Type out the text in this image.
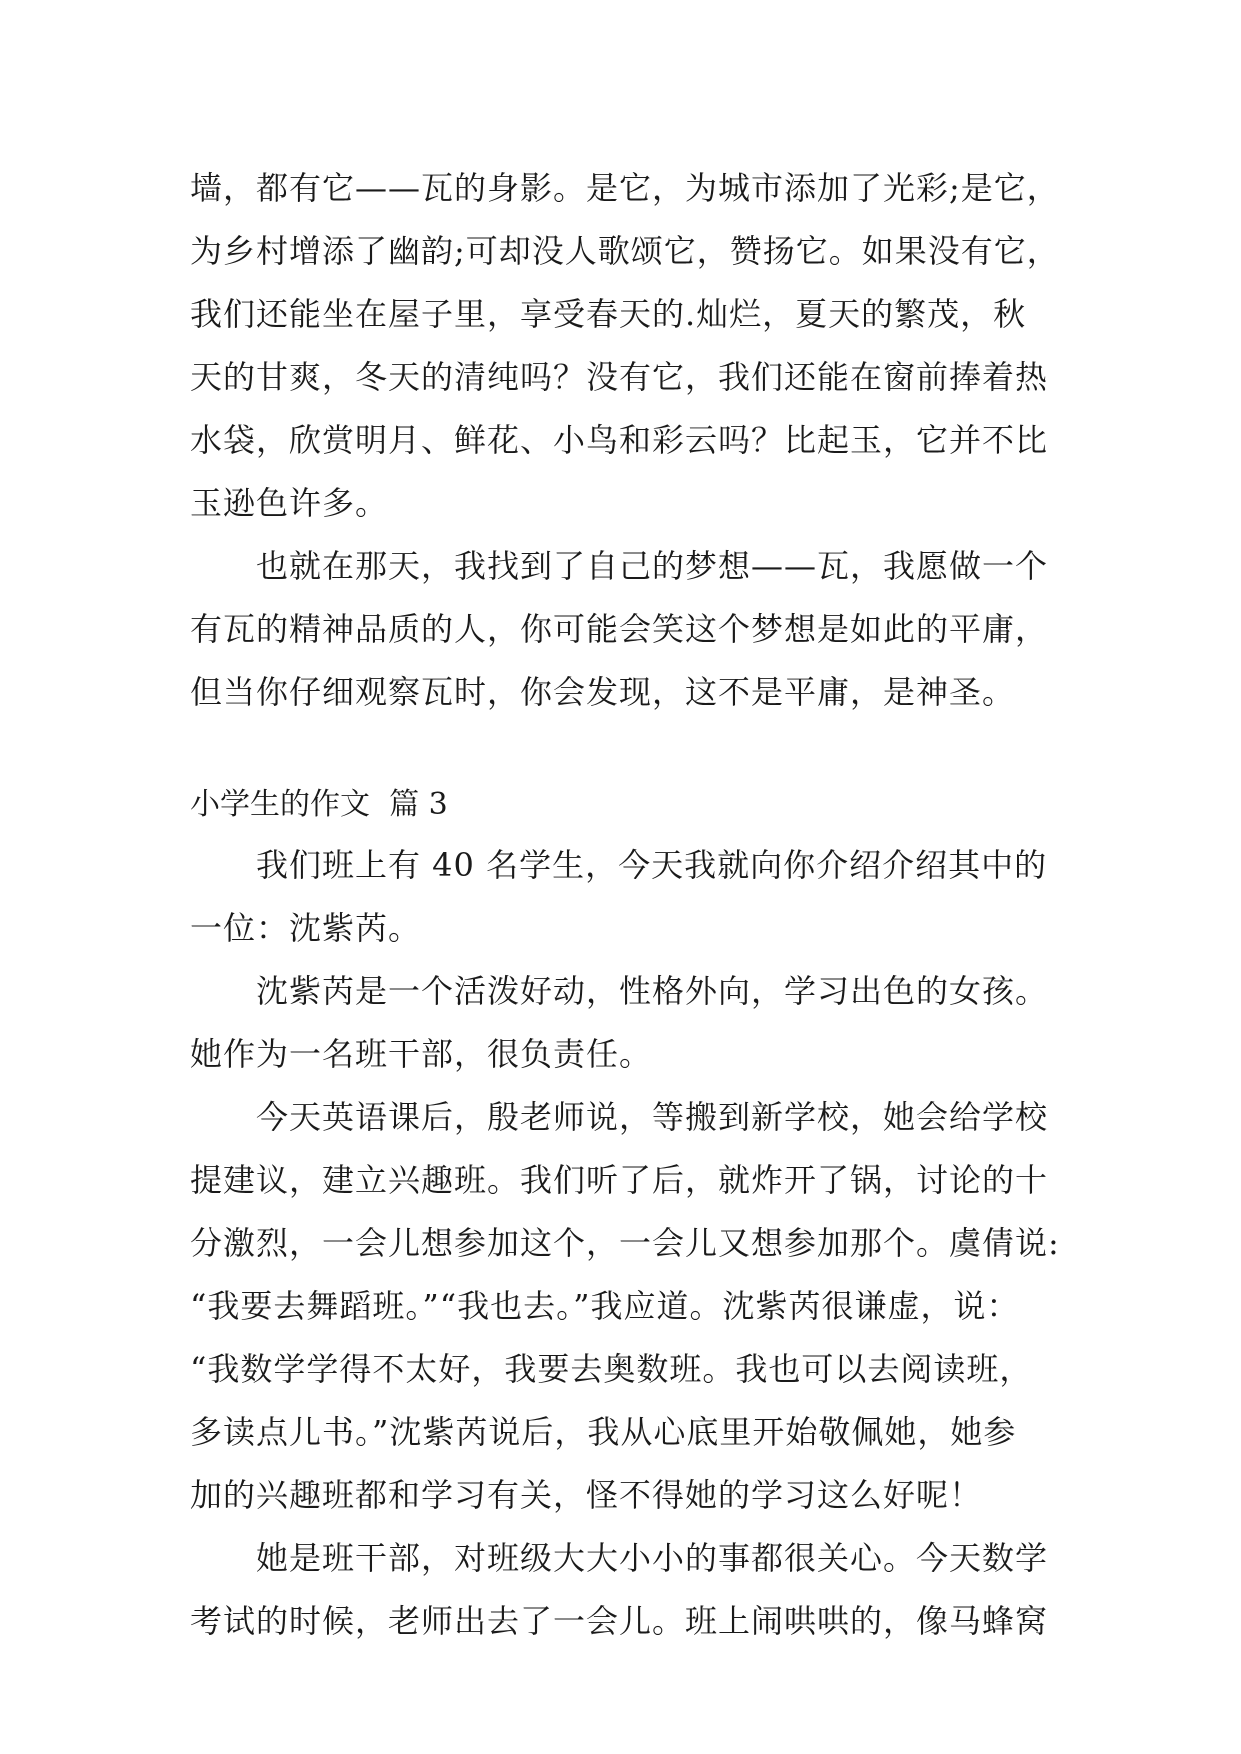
墙，都有它——瓦的身影。是它，为城市添加了光彩;是它，
为乡村增添了幽韵;可却没人歌颂它，赞扬它。如果没有它，
我们还能坐在屋子里，享受春天的.灿烂，夏天的繁茂，秋
天的甘爽，冬天的清纯吗？没有它，我们还能在窗前捧着热
水袋，欣赏明月、鲜花、小鸟和彩云吗？比起玉，它并不比
玉逊色许多。
　　也就在那天，我找到了自己的梦想——瓦，我愿做一个
有瓦的精神品质的人，你可能会笑这个梦想是如此的平庸，
但当你仔细观察瓦时，你会发现，这不是平庸，是神圣。
小学生的作文  篇 3
　　我们班上有 40 名学生，今天我就向你介绍介绍其中的
一位：沈紫芮。
　　沈紫芮是一个活泼好动，性格外向，学习出色的女孩。
她作为一名班干部，很负责任。
　　今天英语课后，殷老师说，等搬到新学校，她会给学校
提建议，建立兴趣班。我们听了后，就炸开了锅，讨论的十
分激烈，一会儿想参加这个，一会儿又想参加那个。虞倩说:
“我要去舞蹈班。”“我也去。”我应道。沈紫芮很谦虚，说：
“我数学学得不太好，我要去奥数班。我也可以去阅读班，
多读点儿书。”沈紫芮说后，我从心底里开始敬佩她，她参
加的兴趣班都和学习有关，怪不得她的学习这么好呢！
　　她是班干部，对班级大大小小的事都很关心。今天数学
考试的时候，老师出去了一会儿。班上闹哄哄的，像马蜂窝
